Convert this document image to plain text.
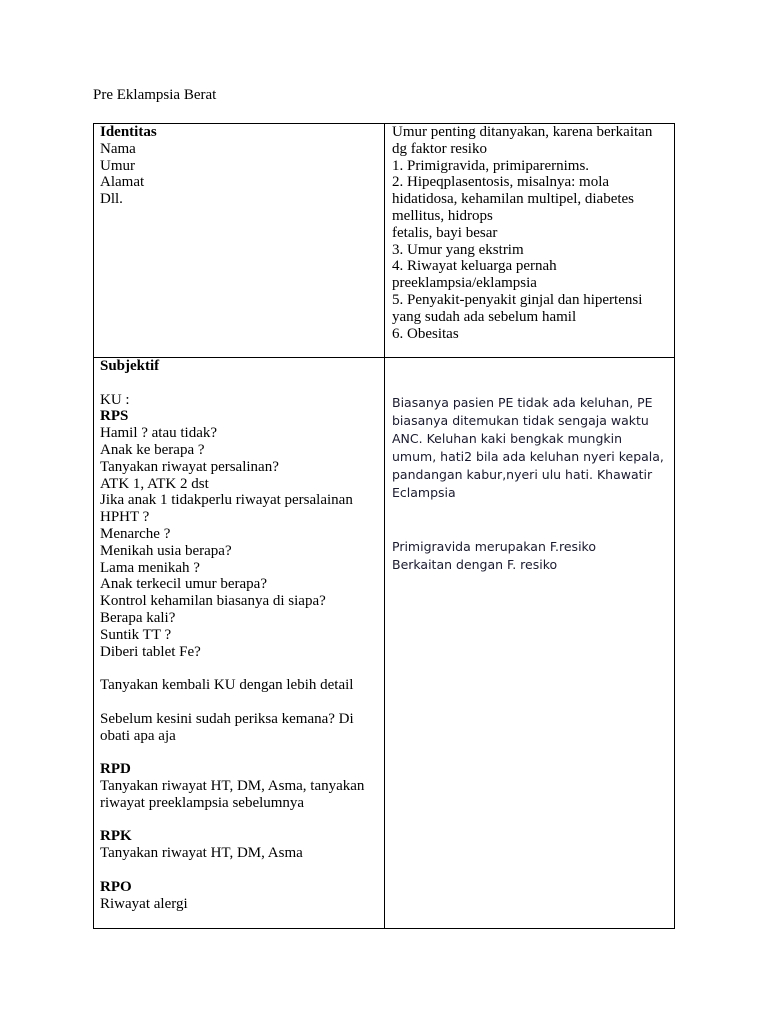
Pre Eklampsia Berat
Identitas
Nama
Umur
Alamat
Dll.
Umur penting ditanyakan, karena berkaitan
dg faktor resiko
1. Primigravida, primiparernims.
2. Hipeqplasentosis, misalnya: mola
hidatidosa, kehamilan multipel, diabetes
mellitus, hidrops
fetalis, bayi besar
3. Umur yang ekstrim
4. Riwayat keluarga pernah
preeklampsia/eklampsia
5. Penyakit-penyakit ginjal dan hipertensi
yang sudah ada sebelum hamil
6. Obesitas
Subjektif
KU :
RPS
Hamil ? atau tidak?
Anak ke berapa ?
Tanyakan riwayat persalinan?
ATK 1, ATK 2 dst
Jika anak 1 tidakperlu riwayat persalainan
HPHT ?
Menarche ?
Menikah usia berapa?
Lama menikah ?
Anak terkecil umur berapa?
Kontrol kehamilan biasanya di siapa?
Berapa kali?
Suntik TT ?
Diberi tablet Fe?
Tanyakan kembali KU dengan lebih detail
Sebelum kesini sudah periksa kemana? Di
obati apa aja
RPD
Tanyakan riwayat HT, DM, Asma, tanyakan
riwayat preeklampsia sebelumnya
RPK
Tanyakan riwayat HT, DM, Asma
RPO
Riwayat alergi
Biasanya pasien PE tidak ada keluhan, PE
biasanya ditemukan tidak sengaja waktu
ANC. Keluhan kaki bengkak mungkin
umum, hati2 bila ada keluhan nyeri kepala,
pandangan kabur,nyeri ulu hati. Khawatir
Eclampsia
Primigravida merupakan F.resiko
Berkaitan dengan F. resiko
